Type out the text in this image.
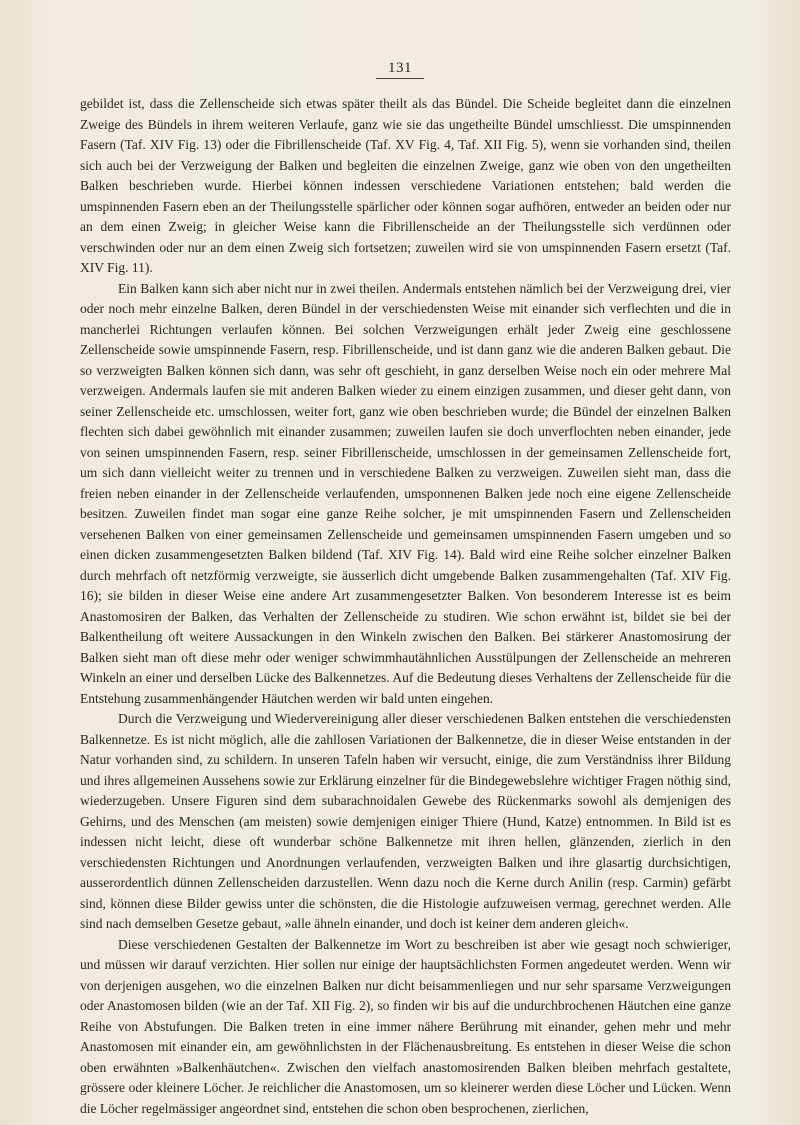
131

gebildet ist, dass die Zellenscheide sich etwas später theilt als das Bündel. Die Scheide begleitet dann die einzelnen Zweige des Bündels in ihrem weiteren Verlaufe, ganz wie sie das ungetheilte Bündel umschliesst. Die umspinnenden Fasern (Taf. XIV Fig. 13) oder die Fibrillenscheide (Taf. XV Fig. 4, Taf. XII Fig. 5), wenn sie vorhanden sind, theilen sich auch bei der Verzweigung der Balken und begleiten die einzelnen Zweige, ganz wie oben von den ungetheilten Balken beschrieben wurde. Hierbei können indessen verschiedene Variationen entstehen; bald werden die umspinnenden Fasern eben an der Theilungsstelle spärlicher oder können sogar aufhören, entweder an beiden oder nur an dem einen Zweig; in gleicher Weise kann die Fibrillenscheide an der Theilungsstelle sich verdünnen oder verschwinden oder nur an dem einen Zweig sich fortsetzen; zuweilen wird sie von umspinnenden Fasern ersetzt (Taf. XIV Fig. 11).

Ein Balken kann sich aber nicht nur in zwei theilen. Andermals entstehen nämlich bei der Verzweigung drei, vier oder noch mehr einzelne Balken, deren Bündel in der verschiedensten Weise mit einander sich verflechten und die in mancherlei Richtungen verlaufen können. Bei solchen Verzweigungen erhält jeder Zweig eine geschlossene Zellenscheide sowie umspinnende Fasern, resp. Fibrillenscheide, und ist dann ganz wie die anderen Balken gebaut. Die so verzweigten Balken können sich dann, was sehr oft geschieht, in ganz derselben Weise noch ein oder mehrere Mal verzweigen. Andermals laufen sie mit anderen Balken wieder zu einem einzigen zusammen, und dieser geht dann, von seiner Zellenscheide etc. umschlossen, weiter fort, ganz wie oben beschrieben wurde; die Bündel der einzelnen Balken flechten sich dabei gewöhnlich mit einander zusammen; zuweilen laufen sie doch unverflochten neben einander, jede von seinen umspinnenden Fasern, resp. seiner Fibrillenscheide, umschlossen in der gemeinsamen Zellenscheide fort, um sich dann vielleicht weiter zu trennen und in verschiedene Balken zu verzweigen. Zuweilen sieht man, dass die freien neben einander in der Zellenscheide verlaufenden, umsponnenen Balken jede noch eine eigene Zellenscheide besitzen. Zuweilen findet man sogar eine ganze Reihe solcher, je mit umspinnenden Fasern und Zellenscheiden versehenen Balken von einer gemeinsamen Zellenscheide und gemeinsamen umspinnenden Fasern umgeben und so einen dicken zusammengesetzten Balken bildend (Taf. XIV Fig. 14). Bald wird eine Reihe solcher einzelner Balken durch mehrfach oft netzförmig verzweigte, sie äusserlich dicht umgebende Balken zusammengehalten (Taf. XIV Fig. 16); sie bilden in dieser Weise eine andere Art zusammengesetzter Balken. Von besonderem Interesse ist es beim Anastomosiren der Balken, das Verhalten der Zellenscheide zu studiren. Wie schon erwähnt ist, bildet sie bei der Balkentheilung oft weitere Aussackungen in den Winkeln zwischen den Balken. Bei stärkerer Anastomosirung der Balken sieht man oft diese mehr oder weniger schwimmhautähnlichen Ausstülpungen der Zellenscheide an mehreren Winkeln an einer und derselben Lücke des Balkennetzes. Auf die Bedeutung dieses Verhaltens der Zellenscheide für die Entstehung zusammenhängender Häutchen werden wir bald unten eingehen.

Durch die Verzweigung und Wiedervereinigung aller dieser verschiedenen Balken entstehen die verschiedensten Balkennetze. Es ist nicht möglich, alle die zahllosen Variationen der Balkennetze, die in dieser Weise entstanden in der Natur vorhanden sind, zu schildern. In unseren Tafeln haben wir versucht, einige, die zum Verständniss ihrer Bildung und ihres allgemeinen Aussehens sowie zur Erklärung einzelner für die Bindegewebslehre wichtiger Fragen nöthig sind, wiederzugeben. Unsere Figuren sind dem subarachnoidalen Gewebe des Rückenmarks sowohl als demjenigen des Gehirns, und des Menschen (am meisten) sowie demjenigen einiger Thiere (Hund, Katze) entnommen. In Bild ist es indessen nicht leicht, diese oft wunderbar schöne Balkennetze mit ihren hellen, glänzenden, zierlich in den verschiedensten Richtungen und Anordnungen verlaufenden, verzweigten Balken und ihre glasartig durchsichtigen, ausserordentlich dünnen Zellenscheiden darzustellen. Wenn dazu noch die Kerne durch Anilin (resp. Carmin) gefärbt sind, können diese Bilder gewiss unter die schönsten, die die Histologie aufzuweisen vermag, gerechnet werden. Alle sind nach demselben Gesetze gebaut, »alle ähneln einander, und doch ist keiner dem anderen gleich«.

Diese verschiedenen Gestalten der Balkennetze im Wort zu beschreiben ist aber wie gesagt noch schwieriger, und müssen wir darauf verzichten. Hier sollen nur einige der hauptsächlichsten Formen angedeutet werden. Wenn wir von derjenigen ausgehen, wo die einzelnen Balken nur dicht beisammenliegen und nur sehr sparsame Verzweigungen oder Anastomosen bilden (wie an der Taf. XII Fig. 2), so finden wir bis auf die undurchbrochenen Häutchen eine ganze Reihe von Abstufungen. Die Balken treten in eine immer nähere Berührung mit einander, gehen mehr und mehr Anastomosen mit einander ein, am gewöhnlichsten in der Flächenausbreitung. Es entstehen in dieser Weise die schon oben erwähnten »Balkenhäutchen«. Zwischen den vielfach anastomosirenden Balken bleiben mehrfach gestaltete, grössere oder kleinere Löcher. Je reichlicher die Anastomosen, um so kleinerer werden diese Löcher und Lücken. Wenn die Löcher regelmässiger angeordnet sind, entstehen die schon oben besprochenen, zierlichen,
